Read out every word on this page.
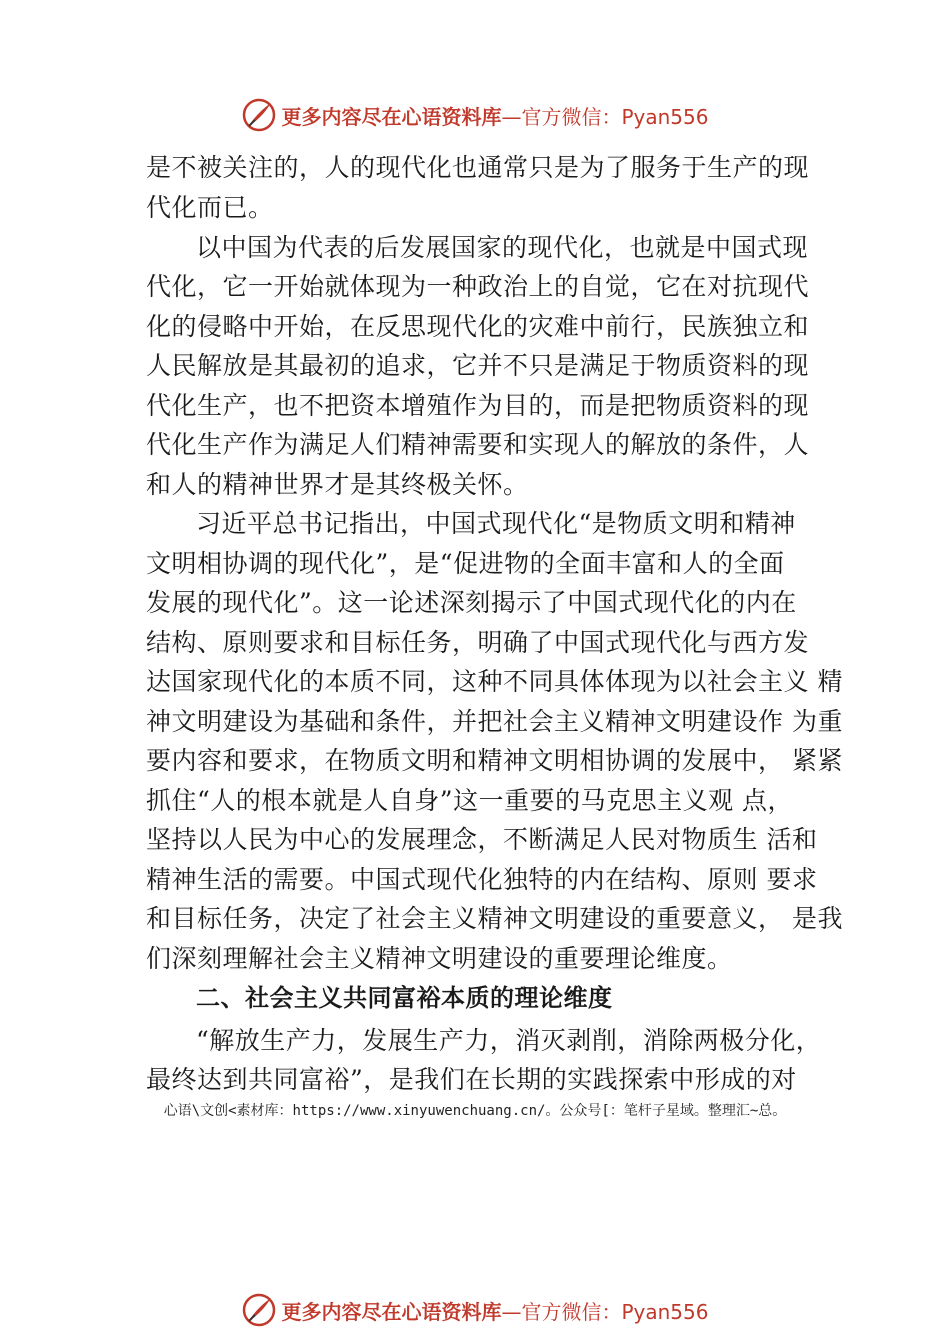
更多内容尽在心语资料库 —官方微信：Pyan556
是不被关注的，人的现代化也通常只是为了服务于生产的现
代化而已。
以中国为代表的后发展国家的现代化，也就是中国式现
代化，它一开始就体现为一种政治上的自觉，它在对抗现代
化的侵略中开始，在反思现代化的灾难中前行，民族独立和
人民解放是其最初的追求，它并不只是满足于物质资料的现
代化生产，也不把资本增殖作为目的，而是把物质资料的现
代化生产作为满足人们精神需要和实现人的解放的条件，人
和人的精神世界才是其终极关怀。
习近平总书记指出，中国式现代化“是物质文明和精神
文明相协调的现代化”，是“促进物的全面丰富和人的全面
发展的现代化”。这一论述深刻揭示了中国式现代化的内在
结构、原则要求和目标任务，明确了中国式现代化与西方发
达国家现代化的本质不同，这种不同具体体现为以社会主义 精
神文明建设为基础和条件，并把社会主义精神文明建设作 为重
要内容和要求，在物质文明和精神文明相协调的发展中， 紧紧
抓住“人的根本就是人自身”这一重要的马克思主义观 点，
坚持以人民为中心的发展理念，不断满足人民对物质生 活和
精神生活的需要。中国式现代化独特的内在结构、原则 要求
和目标任务，决定了社会主义精神文明建设的重要意义， 是我
们深刻理解社会主义精神文明建设的重要理论维度。
二、社会主义共同富裕本质的理论维度
“解放生产力，发展生产力，消灭剥削，消除两极分化，
最终达到共同富裕”，是我们在长期的实践探索中形成的对
心语\文创<素材库：https://www.xinyuwenchuang.cn/。公众号[：笔杆子星域。整理汇~总。
更多内容尽在心语资料库 —官方微信：Pyan556
